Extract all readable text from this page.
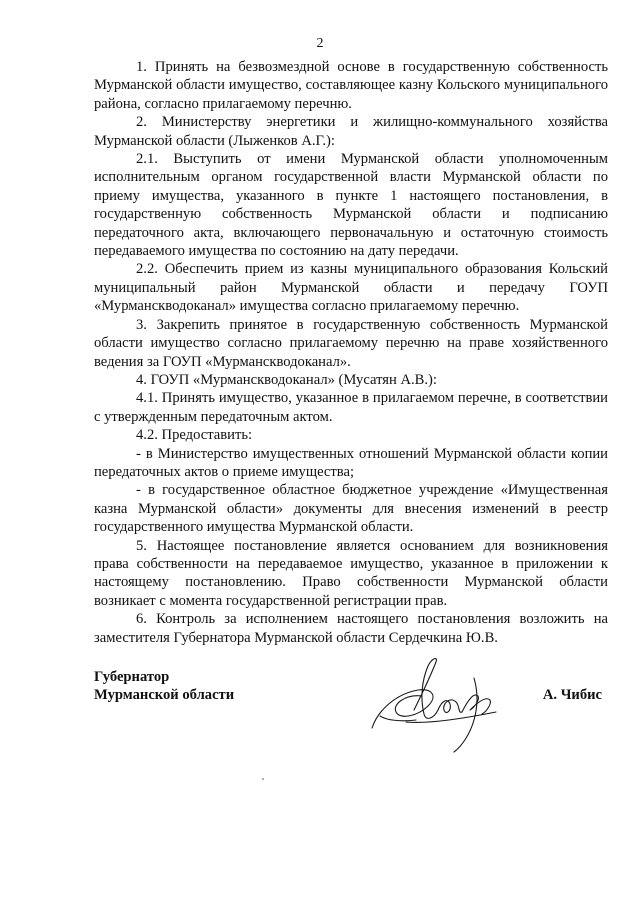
2

1. Принять на безвозмездной основе в государственную собственность Мурманской области имущество, составляющее казну Кольского муниципального района, согласно прилагаемому перечню.

2. Министерству энергетики и жилищно-коммунального хозяйства Мурманской области (Лыженков А.Г.):

2.1. Выступить от имени Мурманской области уполномоченным исполнительным органом государственной власти Мурманской области по приему имущества, указанного в пункте 1 настоящего постановления, в государственную собственность Мурманской области и подписанию передаточного акта, включающего первоначальную и остаточную стоимость передаваемого имущества по состоянию на дату передачи.

2.2. Обеспечить прием из казны муниципального образования Кольский муниципальный район Мурманской области и передачу ГОУП «Мурманскводоканал» имущества согласно прилагаемому перечню.

3. Закрепить принятое в государственную собственность Мурманской области имущество согласно прилагаемому перечню на праве хозяйственного ведения за ГОУП «Мурманскводоканал».

4. ГОУП «Мурманскводоканал» (Мусатян А.В.):

4.1. Принять имущество, указанное в прилагаемом перечне, в соответствии с утвержденным передаточным актом.

4.2. Предоставить:

- в Министерство имущественных отношений Мурманской области копии передаточных актов о приеме имущества;

- в государственное областное бюджетное учреждение «Имущественная казна Мурманской области» документы для внесения изменений в реестр государственного имущества Мурманской области.

5. Настоящее постановление является основанием для возникновения права собственности на передаваемое имущество, указанное в приложении к настоящему постановлению. Право собственности Мурманской области возникает с момента государственной регистрации прав.

6. Контроль за исполнением настоящего постановления возложить на заместителя Губернатора Мурманской области Сердечкина Ю.В.

Губернатор
Мурманской области	А. Чибис
